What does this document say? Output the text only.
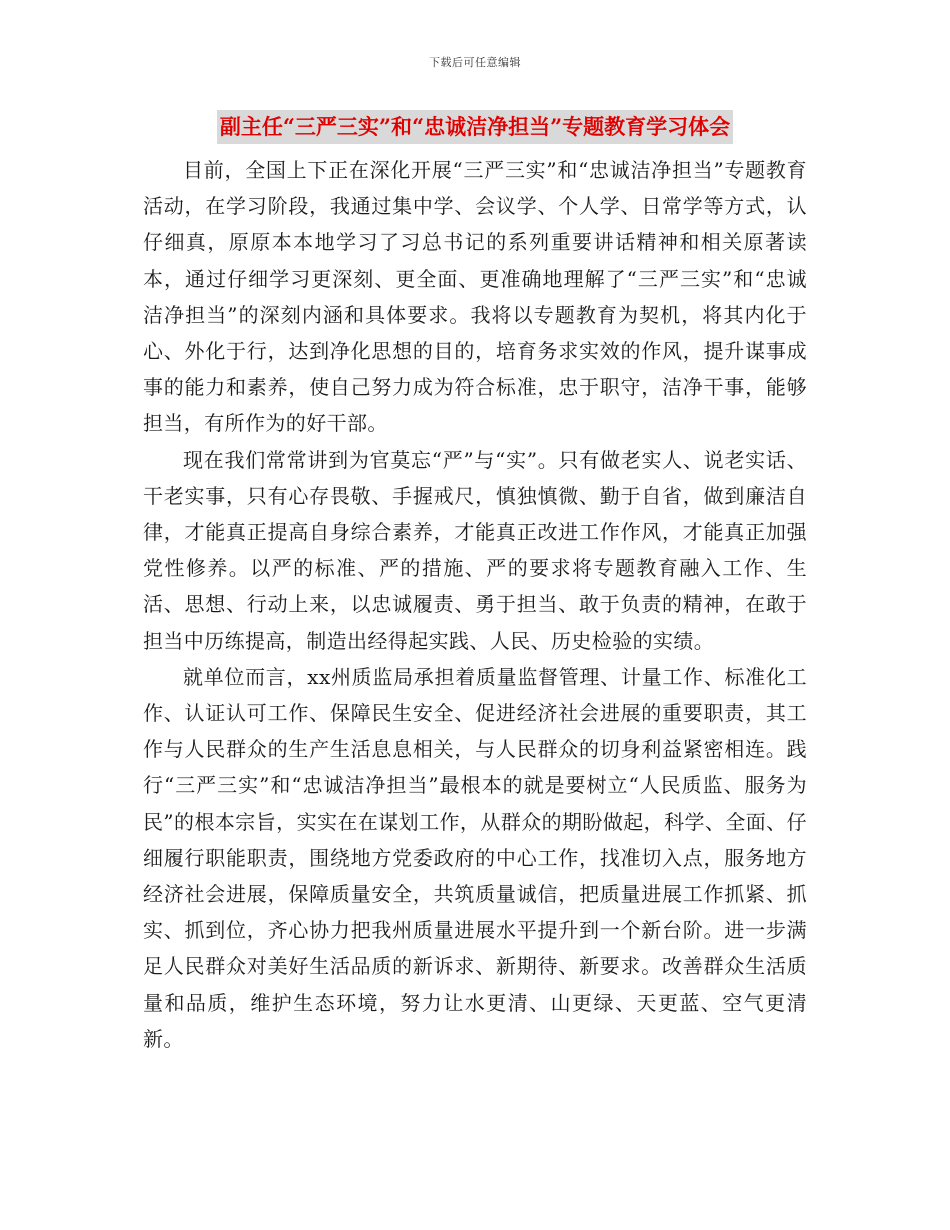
下载后可任意编辑
副主任“三严三实”和“忠诚洁净担当”专题教育学习体会

目前，全国上下正在深化开展“三严三实”和“忠诚洁净担当”专题教育活动，在学习阶段，我通过集中学、会议学、个人学、日常学等方式，认仔细真，原原本本地学习了习总书记的系列重要讲话精神和相关原著读本，通过仔细学习更深刻、更全面、更准确地理解了“三严三实”和“忠诚洁净担当”的深刻内涵和具体要求。我将以专题教育为契机，将其内化于心、外化于行，达到净化思想的目的，培育务求实效的作风，提升谋事成事的能力和素养，使自己努力成为符合标准，忠于职守，洁净干事，能够担当，有所作为的好干部。

现在我们常常讲到为官莫忘“严”与“实”。只有做老实人、说老实话、干老实事，只有心存畏敬、手握戒尺，慎独慎微、勤于自省，做到廉洁自律，才能真正提高自身综合素养，才能真正改进工作作风，才能真正加强党性修养。以严的标准、严的措施、严的要求将专题教育融入工作、生活、思想、行动上来，以忠诚履责、勇于担当、敢于负责的精神，在敢于担当中历练提高，制造出经得起实践、人民、历史检验的实绩。

就单位而言，xx州质监局承担着质量监督管理、计量工作、标准化工作、认证认可工作、保障民生安全、促进经济社会进展的重要职责，其工作与人民群众的生产生活息息相关，与人民群众的切身利益紧密相连。践行“三严三实”和“忠诚洁净担当”最根本的就是要树立“人民质监、服务为民”的根本宗旨，实实在在谋划工作，从群众的期盼做起，科学、全面、仔细履行职能职责，围绕地方党委政府的中心工作，找准切入点，服务地方经济社会进展，保障质量安全，共筑质量诚信，把质量进展工作抓紧、抓实、抓到位，齐心协力把我州质量进展水平提升到一个新台阶。进一步满足人民群众对美好生活品质的新诉求、新期待、新要求。改善群众生活质量和品质，维护生态环境，努力让水更清、山更绿、天更蓝、空气更清新。
